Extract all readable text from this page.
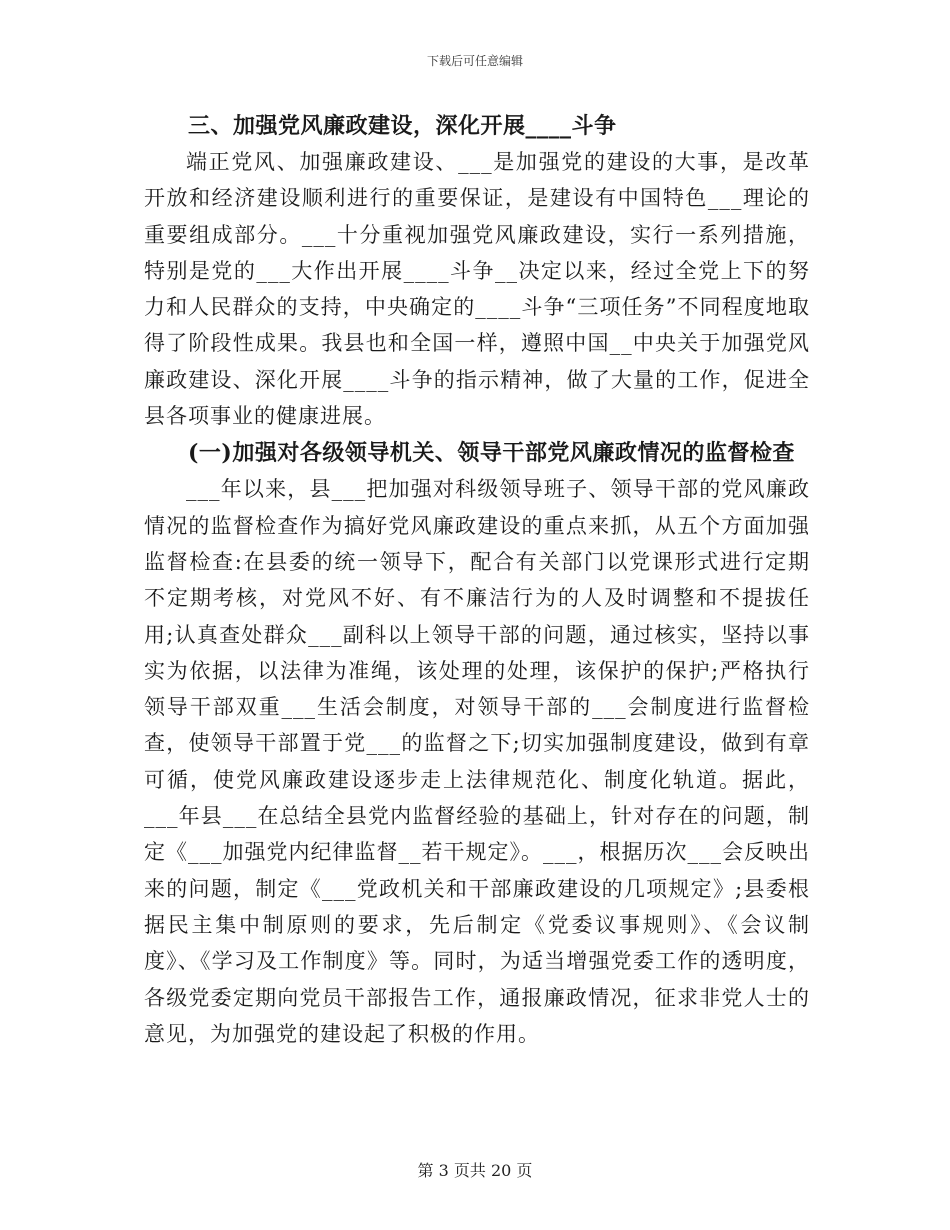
下载后可任意编辑
三、加强党风廉政建设，深化开展____斗争

端正党风、加强廉政建设、___是加强党的建设的大事，是改革开放和经济建设顺利进行的重要保证，是建设有中国特色___理论的重要组成部分。___十分重视加强党风廉政建设，实行一系列措施，特别是党的___大作出开展____斗争__决定以来，经过全党上下的努力和人民群众的支持，中央确定的____斗争“三项任务”不同程度地取得了阶段性成果。我县也和全国一样，遵照中国__中央关于加强党风廉政建设、深化开展____斗争的指示精神，做了大量的工作，促进全县各项事业的健康进展。

(一)加强对各级领导机关、领导干部党风廉政情况的监督检查

___年以来，县___把加强对科级领导班子、领导干部的党风廉政情况的监督检查作为搞好党风廉政建设的重点来抓，从五个方面加强监督检查:在县委的统一领导下，配合有关部门以党课形式进行定期不定期考核，对党风不好、有不廉洁行为的人及时调整和不提拔任用;认真查处群众___副科以上领导干部的问题，通过核实，坚持以事实为依据，以法律为准绳，该处理的处理，该保护的保护;严格执行领导干部双重___生活会制度，对领导干部的___会制度进行监督检查，使领导干部置于党___的监督之下;切实加强制度建设，做到有章可循，使党风廉政建设逐步走上法律规范化、制度化轨道。据此，___年县___在总结全县党内监督经验的基础上，针对存在的问题，制定《___加强党内纪律监督__若干规定》。___，根据历次___会反映出来的问题，制定《___党政机关和干部廉政建设的几项规定》;县委根据民主集中制原则的要求，先后制定《党委议事规则》、《会议制度》、《学习及工作制度》等。同时，为适当增强党委工作的透明度，各级党委定期向党员干部报告工作，通报廉政情况，征求非党人士的意见，为加强党的建设起了积极的作用。

第 3 页共 20 页
